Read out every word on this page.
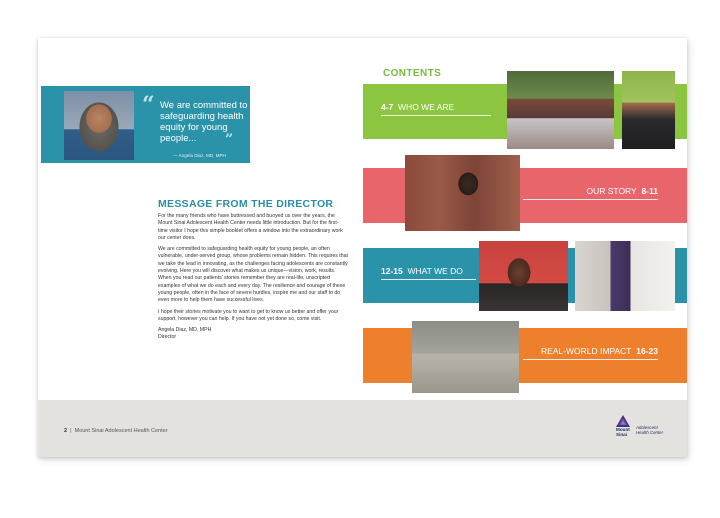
“ We are committed to safeguarding health equity for young people...	”
— Angela Diaz, MD, MPH
MESSAGE FROM THE DIRECTOR

For the many friends who have buttressed and buoyed us over the years, the Mount Sinai Adolescent Health Center needs little introduction. But for the first-time visitor I hope this simple booklet offers a window into the extraordinary work our center does.

We are committed to safeguarding health equity for young people, an often vulnerable, under-served group, whose problems remain hidden. This requires that we take the lead in innovating, as the challenges facing adolescents are constantly evolving. Here you will discover what makes us unique—vision, work, results. When you read our patients' stories remember they are real-life, unscripted examples of what we do each and every day. The resilience and courage of these young people, often in the face of severe hurdles, inspire me and our staff to do even more to help them have successful lives.

I hope their stories motivate you to want to get to know us better and offer your support, however you can help. If you have not yet done so, come visit.

Angela Diaz, MD, MPH
Director
CONTENTS
4-7 WHO WE ARE
OUR STORY 8-11
12-15 WHAT WE DO
REAL-WORLD IMPACT 16-23
2  |  Mount Sinai Adolescent Health Center	Mount
Sinai
Adolescent
Health Center
